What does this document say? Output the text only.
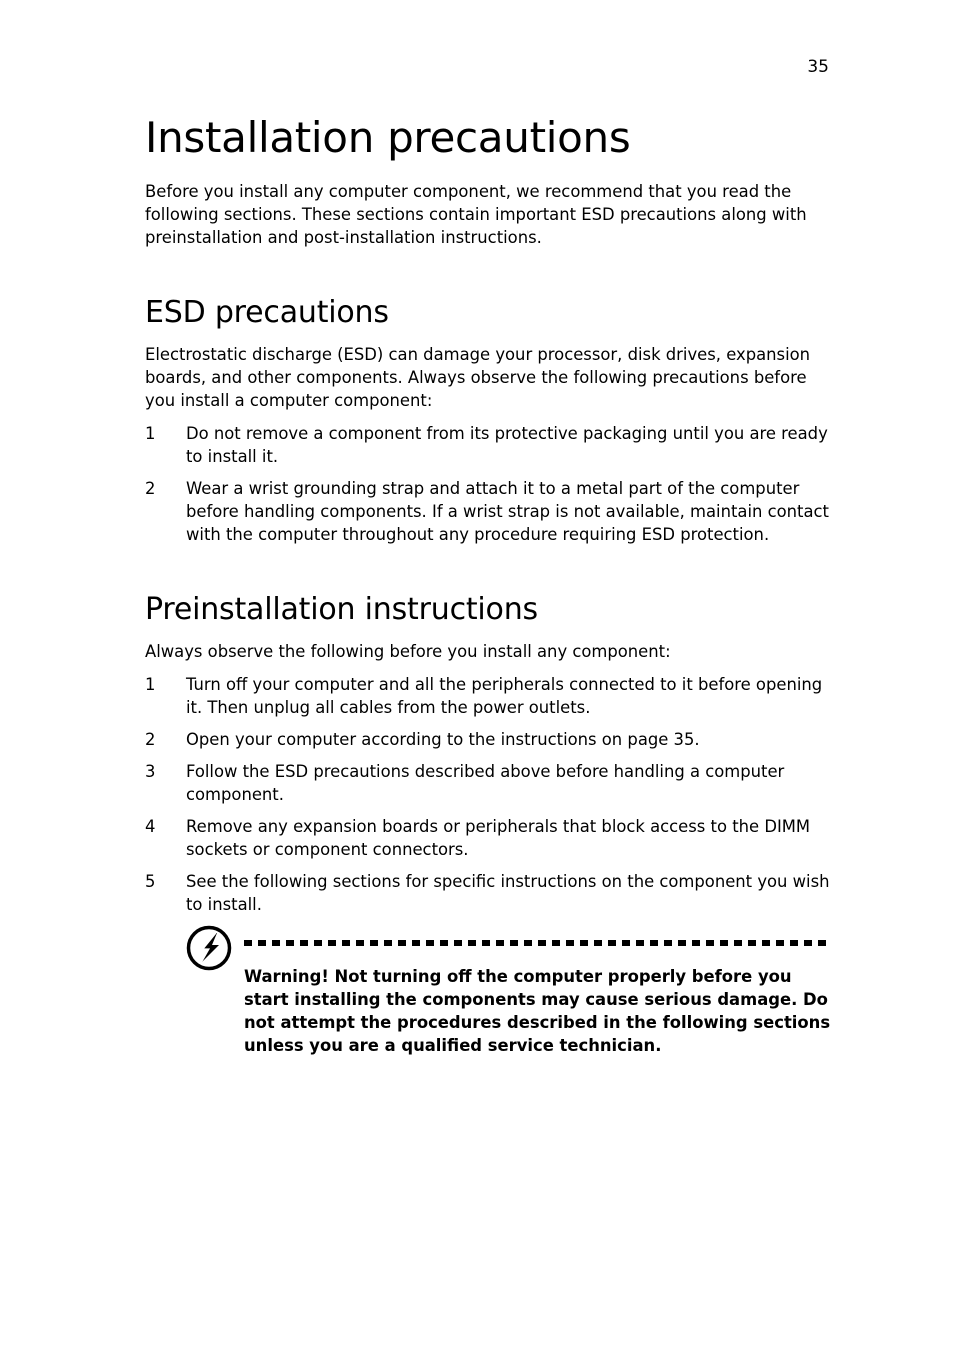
35
Installation precautions

Before you install any computer component, we recommend that you read the following sections. These sections contain important ESD precautions along with preinstallation and post-installation instructions.

ESD precautions

Electrostatic discharge (ESD) can damage your processor, disk drives, expansion boards, and other components. Always observe the following precautions before you install a computer component:

1 Do not remove a component from its protective packaging until you are ready to install it.
2 Wear a wrist grounding strap and attach it to a metal part of the computer before handling components. If a wrist strap is not available, maintain contact with the computer throughout any procedure requiring ESD protection.
Preinstallation instructions

Always observe the following before you install any component:

1 Turn off your computer and all the peripherals connected to it before opening it. Then unplug all cables from the power outlets.
2 Open your computer according to the instructions on page 35.
3 Follow the ESD precautions described above before handling a computer component.
4 Remove any expansion boards or peripherals that block access to the DIMM sockets or component connectors.
5 See the following sections for specific instructions on the component you wish to install.
Warning! Not turning off the computer properly before you start installing the components may cause serious damage. Do not attempt the procedures described in the following sections unless you are a qualified service technician.
